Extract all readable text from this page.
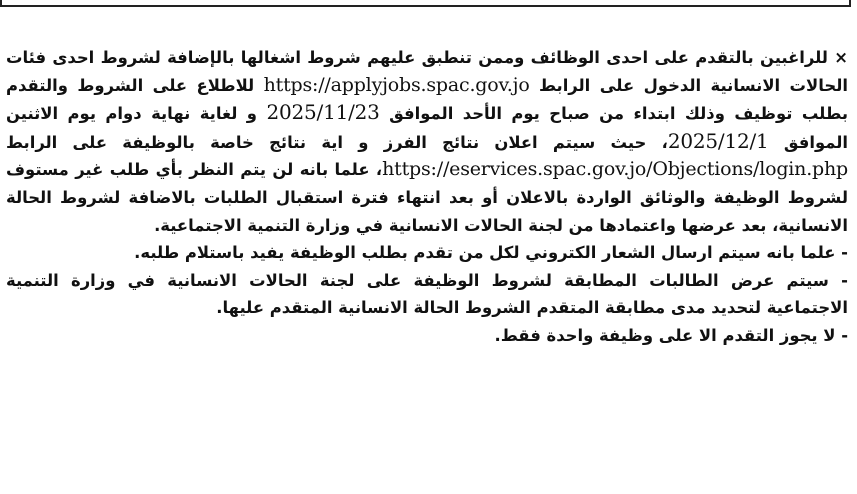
× للراغبين بالتقدم على احدى الوظائف وممن تنطبق عليهم شروط اشغالها بالإضافة لشروط احدى فئات الحالات الانسانية الدخول على الرابط https://applyjobs.spac.gov.jo للاطلاع على الشروط والتقدم بطلب توظيف وذلك ابتداء من صباح يوم الأحد الموافق 2025/11/23 و لغاية نهاية دوام يوم الاثنين الموافق 2025/12/1، حيث سيتم اعلان نتائج الفرز و اية نتائج خاصة بالوظيفة على الرابط https://eservices.spac.gov.jo/Objections/login.php، علما بانه لن يتم النظر بأي طلب غير مستوف لشروط الوظيفة والوثائق الواردة بالاعلان أو بعد انتهاء فترة استقبال الطلبات بالاضافة لشروط الحالة الانسانية، بعد عرضها واعتمادها من لجنة الحالات الانسانية في وزارة التنمية الاجتماعية.

- علما بانه سيتم ارسال الشعار الكتروني لكل من تقدم بطلب الوظيفة يفيد باستلام طلبه.

- سيتم عرض الطالبات المطابقة لشروط الوظيفة على لجنة الحالات الانسانية في وزارة التنمية الاجتماعية لتحديد مدى مطابقة المتقدم الشروط الحالة الانسانية المتقدم عليها.

- لا يجوز التقدم الا على وظيفة واحدة فقط.
